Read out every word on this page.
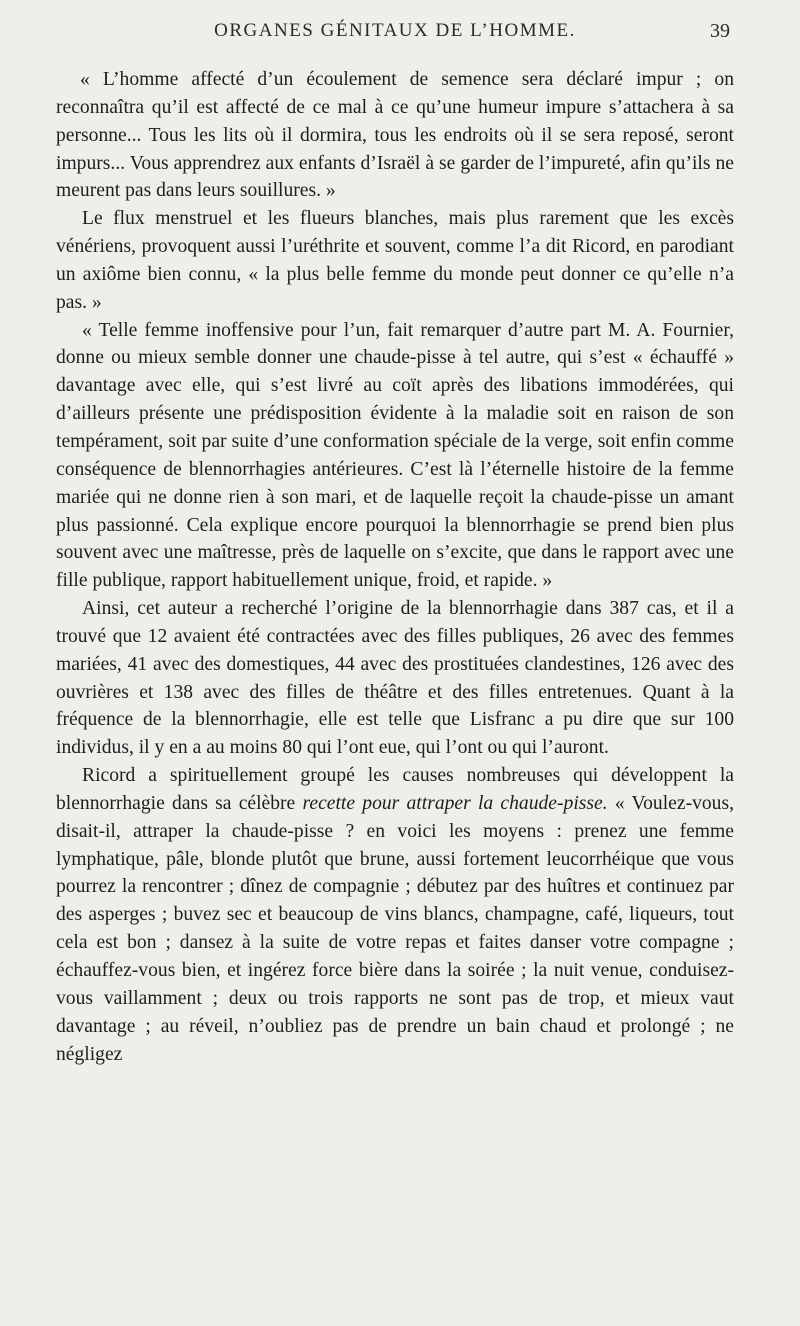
ORGANES GÉNITAUX DE L’HOMME.	39

« L’homme affecté d’un écoulement de semence sera déclaré impur ; on reconnaîtra qu’il est affecté de ce mal à ce qu’une humeur impure s’attachera à sa personne... Tous les lits où il dormira, tous les endroits où il se sera reposé, seront impurs... Vous apprendrez aux enfants d’Israël à se garder de l’impureté, afin qu’ils ne meurent pas dans leurs souillures. »

Le flux menstruel et les flueurs blanches, mais plus rarement que les excès vénériens, provoquent aussi l’uréthrite et souvent, comme l’a dit Ricord, en parodiant un axiôme bien connu, « la plus belle femme du monde peut donner ce qu’elle n’a pas. »

« Telle femme inoffensive pour l’un, fait remarquer d’autre part M. A. Fournier, donne ou mieux semble donner une chaude-pisse à tel autre, qui s’est « échauffé » davantage avec elle, qui s’est livré au coït après des libations immodérées, qui d’ailleurs présente une prédisposition évidente à la maladie soit en raison de son tempérament, soit par suite d’une conformation spéciale de la verge, soit enfin comme conséquence de blennorrhagies antérieures. C’est là l’éternelle histoire de la femme mariée qui ne donne rien à son mari, et de laquelle reçoit la chaude-pisse un amant plus passionné. Cela explique encore pourquoi la blennorrhagie se prend bien plus souvent avec une maîtresse, près de laquelle on s’excite, que dans le rapport avec une fille publique, rapport habituellement unique, froid, et rapide. »

Ainsi, cet auteur a recherché l’origine de la blennorrhagie dans 387 cas, et il a trouvé que 12 avaient été contractées avec des filles publiques, 26 avec des femmes mariées, 41 avec des domestiques, 44 avec des prostituées clandestines, 126 avec des ouvrières et 138 avec des filles de théâtre et des filles entretenues. Quant à la fréquence de la blennorrhagie, elle est telle que Lisfranc a pu dire que sur 100 individus, il y en a au moins 80 qui l’ont eue, qui l’ont ou qui l’auront.

Ricord a spirituellement groupé les causes nombreuses qui développent la blennorrhagie dans sa célèbre recette pour attraper la chaude-pisse. « Voulez-vous, disait-il, attraper la chaude-pisse ? en voici les moyens : prenez une femme lymphatique, pâle, blonde plutôt que brune, aussi fortement leucorrhéique que vous pourrez la rencontrer ; dînez de compagnie ; débutez par des huîtres et continuez par des asperges ; buvez sec et beaucoup de vins blancs, champagne, café, liqueurs, tout cela est bon ; dansez à la suite de votre repas et faites danser votre compagne ; échauffez-vous bien, et ingérez force bière dans la soirée ; la nuit venue, conduisez-vous vaillamment ; deux ou trois rapports ne sont pas de trop, et mieux vaut davantage ; au réveil, n’oubliez pas de prendre un bain chaud et prolongé ; ne négligez
